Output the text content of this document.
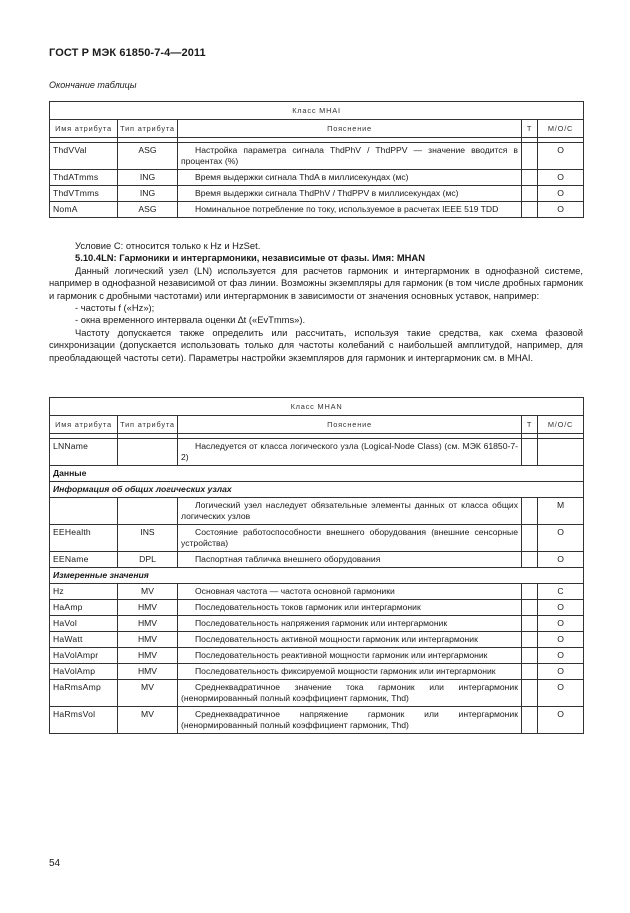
ГОСТ Р МЭК 61850-7-4—2011
Окончание таблицы
Класс MHAI				
Имя атрибута	Тип атрибута	Пояснение	T	M/O/C

ThdVVal	ASG	Настройка параметра сигнала ThdPhV / ThdPPV — значение вводится в процентах (%)		O
ThdATmms	ING	Время выдержки сигнала ThdA в миллисекундах (мс)		O
ThdVTmms	ING	Время выдержки сигнала ThdPhV / ThdPPV в миллисекундах (мс)		O
NomA	ASG	Номинальное потребление по току, используемое в расчетах IEEE 519 TDD		O

Условие С: относится только к Hz и HzSet.

5.10.4LN: Гармоники и интергармоники, независимые от фазы. Имя: MHAN

Данный логический узел (LN) используется для расчетов гармоник и интергармоник в однофазной системе, например в однофазной независимой от фаз линии. Возможны экземпляры для гармоник (в том числе дробных гармоник и гармоник с дробными частотами) или интергармоник в зависимости от значения основных уставок, например:

- частоты f («Hz»);

- окна временного интервала оценки ∆t («EvTmms»).

Частоту допускается также определить или рассчитать, используя такие средства, как схема фазовой синхронизации (допускается использовать только для частоты колебаний с наибольшей амплитудой, например, для преобладающей частоты сети). Параметры настройки экземпляров для гармоник и интергармоник см. в MHAI.

Класс MHAN				
Имя атрибута	Тип атрибута	Пояснение	T	M/O/C

LNName		Наследуется от класса логического узла (Logical-Node Class) (см. МЭК 61850-7-2)		
Данные				
Информация об общих логических узлах				
		Логический узел наследует обязательные элементы данных от класса общих логических узлов		M
EEHealth	INS	Состояние работоспособности внешнего оборудования (внешние сенсорные устройства)		O
EEName	DPL	Паспортная табличка внешнего оборудования		O
Измеренные значения				
Hz	MV	Основная частота — частота основной гармоники		C
HaAmp	HMV	Последовательность токов гармоник или интергармоник		O
HaVol	HMV	Последовательность напряжения гармоник или интергармоник		O
HaWatt	HMV	Последовательность активной мощности гармоник или интергармоник		O
HaVolAmpr	HMV	Последовательность реактивной мощности гармоник или интергармоник		O
HaVolAmp	HMV	Последовательность фиксируемой мощности гармоник или интергармоник		O
HaRmsAmp	MV	Среднеквадратичное значение тока гармоник или интергармоник (ненормированный полный коэффициент гармоник, Thd)		O
HaRmsVol	MV	Среднеквадратичное напряжение гармоник или интергармоник (ненормированный полный коэффициент гармоник, Thd)		O
54
